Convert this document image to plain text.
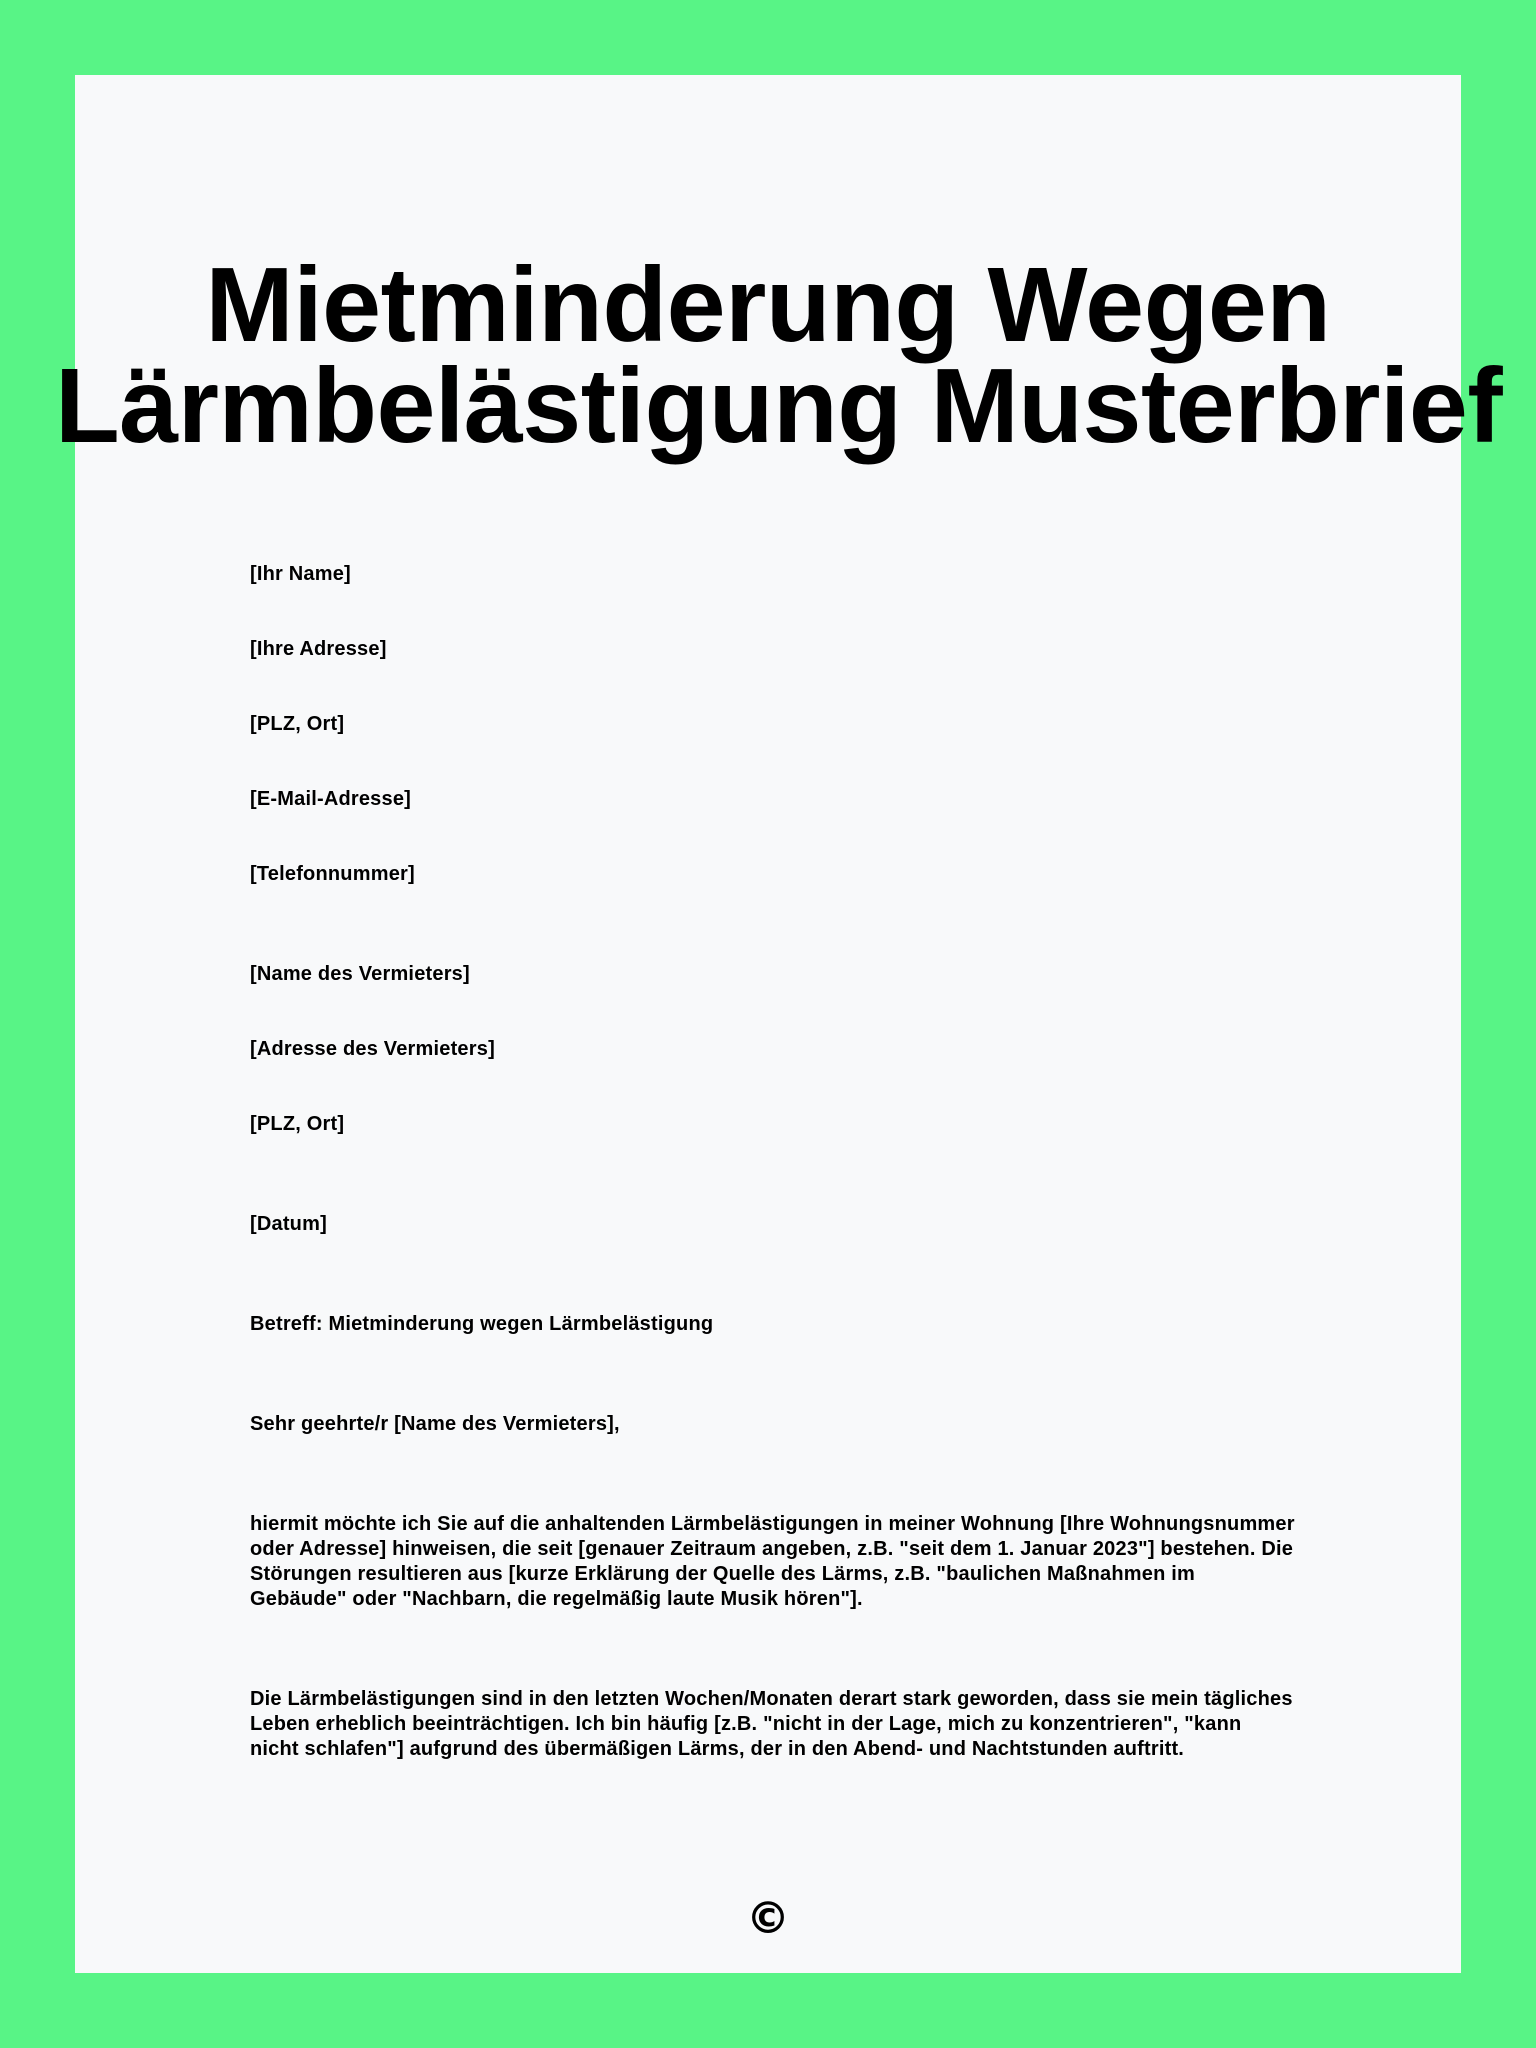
Mietminderung Wegen
Lärmbelästigung Musterbrief
[Ihr Name]
[Ihre Adresse]
[PLZ, Ort]
[E-Mail-Adresse]
[Telefonnummer]
[Name des Vermieters]
[Adresse des Vermieters]
[PLZ, Ort]
[Datum]
Betreff: Mietminderung wegen Lärmbelästigung
Sehr geehrte/r [Name des Vermieters],

hiermit möchte ich Sie auf die anhaltenden Lärmbelästigungen in meiner Wohnung [Ihre Wohnungsnummer oder Adresse] hinweisen, die seit [genauer Zeitraum angeben, z.B. "seit dem 1. Januar 2023"] bestehen. Die Störungen resultieren aus [kurze Erklärung der Quelle des Lärms, z.B. "baulichen Maßnahmen im Gebäude" oder "Nachbarn, die regelmäßig laute Musik hören"].

Die Lärmbelästigungen sind in den letzten Wochen/Monaten derart stark geworden, dass sie mein tägliches Leben erheblich beeinträchtigen. Ich bin häufig [z.B. "nicht in der Lage, mich zu konzentrieren", "kann nicht schlafen"] aufgrund des übermäßigen Lärms, der in den Abend- und Nachtstunden auftritt.

©
